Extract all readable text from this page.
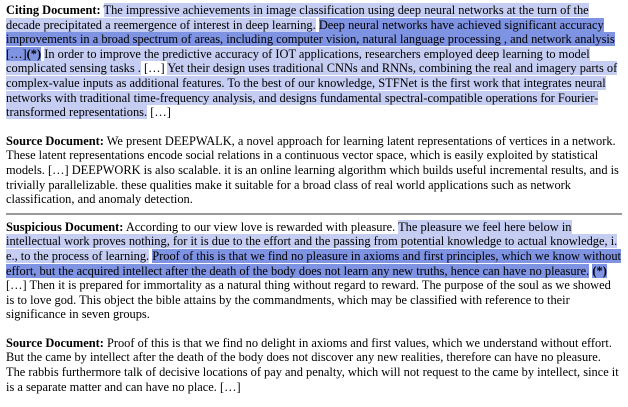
Citing Document: The impressive achievements in image classification using deep neural networks at the turn of the decade precipitated a reemergence of interest in deep learning. Deep neural networks have achieved significant accuracy improvements in a broad spectrum of areas, including computer vision, natural language processing , and network analysis […](*) In order to improve the predictive accuracy of IOT applications, researchers employed deep learning to model complicated sensing tasks . […] Yet their design uses traditional CNNs and RNNs, combining the real and imagery parts of complex-value inputs as additional features. To the best of our knowledge, STFNet is the first work that integrates neural networks with traditional time-frequency analysis, and designs fundamental spectral-compatible operations for Fourier-transformed representations. […]

Source Document: We present DEEPWALK, a novel approach for learning latent representations of vertices in a network. These latent representations encode social relations in a continuous vector space, which is easily exploited by statistical models. […] DEEPWORK is also scalable. it is an online learning algorithm which builds useful incremental results, and is trivially parallelizable. these qualities make it suitable for a broad class of real world applications such as network classification, and anomaly detection.

Suspicious Document: According to our view love is rewarded with pleasure. The pleasure we feel here below in intellectual work proves nothing, for it is due to the effort and the passing from potential knowledge to actual knowledge, i. e., to the process of learning. Proof of this is that we find no pleasure in axioms and first principles, which we know without effort, but the acquired intellect after the death of the body does not learn any new truths, hence can have no pleasure. (*) […] Then it is prepared for immortality as a natural thing without regard to reward. The purpose of the soul as we showed is to love god. This object the bible attains by the commandments, which may be classified with reference to their significance in seven groups.

Source Document: Proof of this is that we find no delight in axioms and first values, which we understand without effort. But the came by intellect after the death of the body does not discover any new realities, therefore can have no pleasure. The rabbis furthermore talk of decisive locations of pay and penalty, which will not request to the came by intellect, since it is a separate matter and can have no place. […]
